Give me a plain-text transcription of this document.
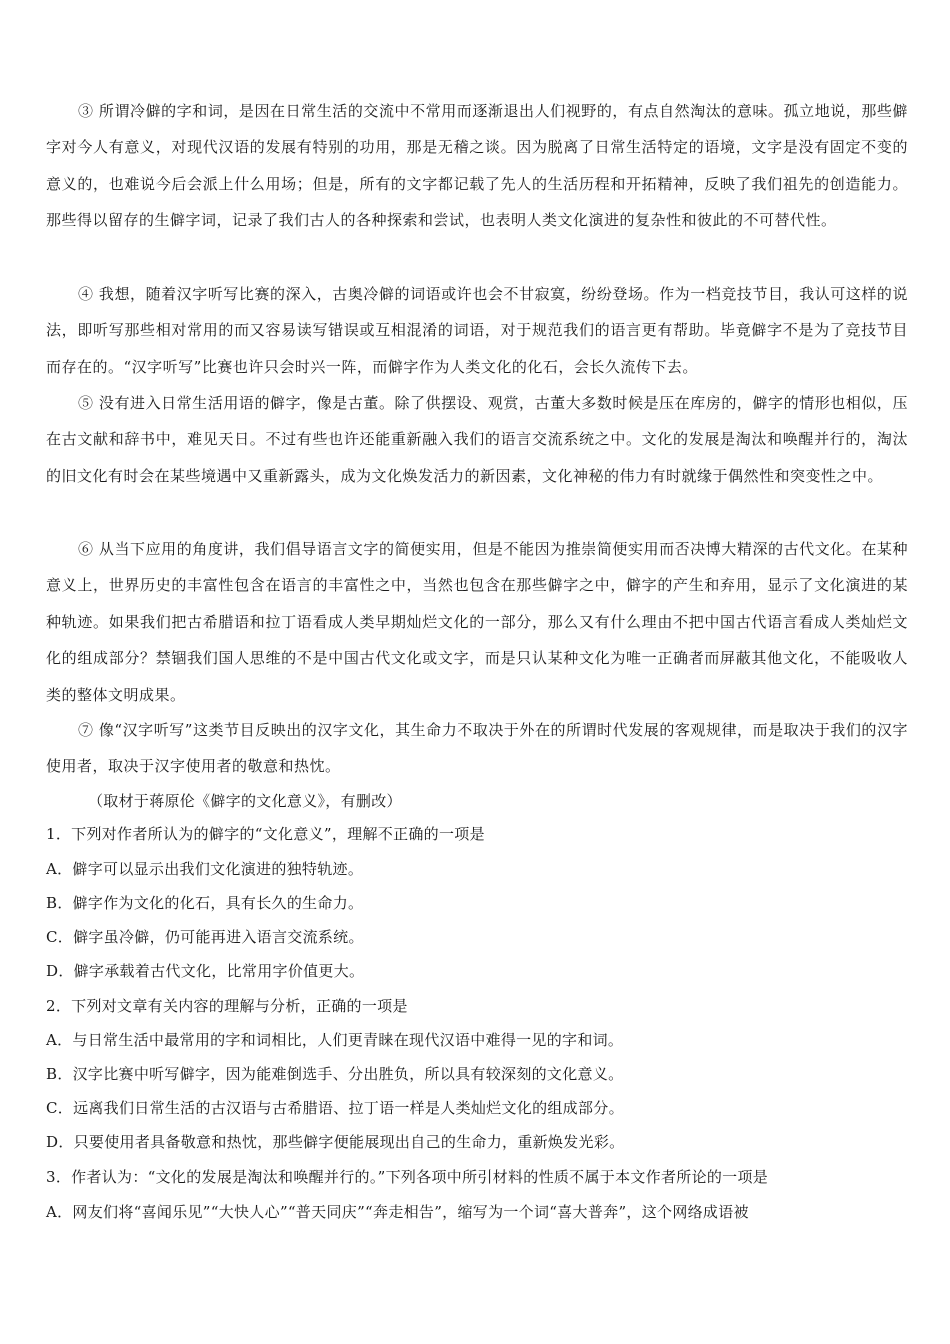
③ 所谓冷僻的字和词，是因在日常生活的交流中不常用而逐渐退出人们视野的，有点自然淘汰的意味。孤立地说，那些僻字对今人有意义，对现代汉语的发展有特别的功用，那是无稽之谈。因为脱离了日常生活特定的语境，文字是没有固定不变的意义的，也难说今后会派上什么用场；但是，所有的文字都记载了先人的生活历程和开拓精神，反映了我们祖先的创造能力。那些得以留存的生僻字词，记录了我们古人的各种探索和尝试，也表明人类文化演进的复杂性和彼此的不可替代性。

④ 我想，随着汉字听写比赛的深入，古奥冷僻的词语或许也会不甘寂寞，纷纷登场。作为一档竞技节目，我认可这样的说法，即听写那些相对常用的而又容易读写错误或互相混淆的词语，对于规范我们的语言更有帮助。毕竟僻字不是为了竞技节目而存在的。“汉字听写”比赛也许只会时兴一阵，而僻字作为人类文化的化石，会长久流传下去。

⑤ 没有进入日常生活用语的僻字，像是古董。除了供摆设、观赏，古董大多数时候是压在库房的，僻字的情形也相似，压在古文献和辞书中，难见天日。不过有些也许还能重新融入我们的语言交流系统之中。文化的发展是淘汰和唤醒并行的，淘汰的旧文化有时会在某些境遇中又重新露头，成为文化焕发活力的新因素，文化神秘的伟力有时就缘于偶然性和突变性之中。

⑥ 从当下应用的角度讲，我们倡导语言文字的简便实用，但是不能因为推崇简便实用而否决博大精深的古代文化。在某种意义上，世界历史的丰富性包含在语言的丰富性之中，当然也包含在那些僻字之中，僻字的产生和弃用，显示了文化演进的某种轨迹。如果我们把古希腊语和拉丁语看成人类早期灿烂文化的一部分，那么又有什么理由不把中国古代语言看成人类灿烂文化的组成部分？禁锢我们国人思维的不是中国古代文化或文字，而是只认某种文化为唯一正确者而屏蔽其他文化，不能吸收人类的整体文明成果。

⑦ 像“汉字听写”这类节目反映出的汉字文化，其生命力不取决于外在的所谓时代发展的客观规律，而是取决于我们的汉字使用者，取决于汉字使用者的敬意和热忱。

（取材于蒋原伦《僻字的文化意义》，有删改）

1．下列对作者所认为的僻字的“文化意义”，理解不正确的一项是

A．僻字可以显示出我们文化演进的独特轨迹。

B．僻字作为文化的化石，具有长久的生命力。

C．僻字虽冷僻，仍可能再进入语言交流系统。

D．僻字承载着古代文化，比常用字价值更大。

2．下列对文章有关内容的理解与分析，正确的一项是

A．与日常生活中最常用的字和词相比，人们更青睐在现代汉语中难得一见的字和词。

B．汉字比赛中听写僻字，因为能难倒选手、分出胜负，所以具有较深刻的文化意义。

C．远离我们日常生活的古汉语与古希腊语、拉丁语一样是人类灿烂文化的组成部分。

D．只要使用者具备敬意和热忱，那些僻字便能展现出自己的生命力，重新焕发光彩。

3．作者认为：“文化的发展是淘汰和唤醒并行的。”下列各项中所引材料的性质不属于本文作者所论的一项是

A．网友们将“喜闻乐见”“大快人心”“普天同庆”“奔走相告”，缩写为一个词“喜大普奔”，这个网络成语被
